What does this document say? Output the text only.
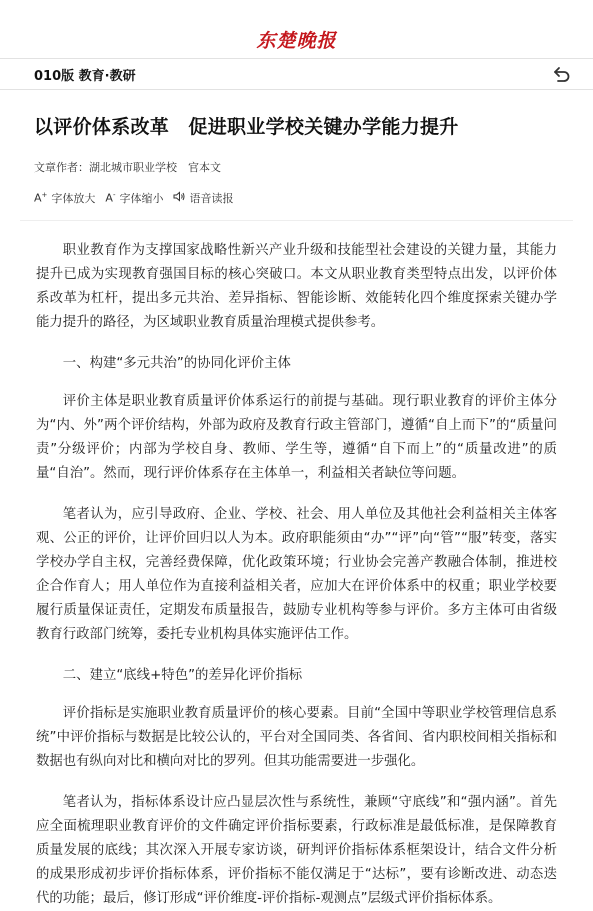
东楚晚报
010版 教育·教研
以评价体系改革　促进职业学校关键办学能力提升
文章作者：湖北城市职业学校　官本文
A+ 字体放大 A- 字体缩小 语音读报

职业教育作为支撑国家战略性新兴产业升级和技能型社会建设的关键力量，其能力提升已成为实现教育强国目标的核心突破口。本文从职业教育类型特点出发，以评价体系改革为杠杆，提出多元共治、差异指标、智能诊断、效能转化四个维度探索关键办学能力提升的路径，为区域职业教育质量治理模式提供参考。

一、构建“多元共治”的协同化评价主体

评价主体是职业教育质量评价体系运行的前提与基础。现行职业教育的评价主体分为“内、外”两个评价结构，外部为政府及教育行政主管部门，遵循“自上而下”的“质量问责”分级评价；内部为学校自身、教师、学生等，遵循“自下而上”的“质量改进”的质量“自治”。然而，现行评价体系存在主体单一，利益相关者缺位等问题。

笔者认为，应引导政府、企业、学校、社会、用人单位及其他社会利益相关主体客观、公正的评价，让评价回归以人为本。政府职能须由“办”“评”向“管”“服”转变，落实学校办学自主权，完善经费保障，优化政策环境；行业协会完善产教融合体制，推进校企合作育人；用人单位作为直接利益相关者，应加大在评价体系中的权重；职业学校要履行质量保证责任，定期发布质量报告，鼓励专业机构等参与评价。多方主体可由省级教育行政部门统筹，委托专业机构具体实施评估工作。

二、建立“底线+特色”的差异化评价指标

评价指标是实施职业教育质量评价的核心要素。目前“全国中等职业学校管理信息系统”中评价指标与数据是比较公认的，平台对全国同类、各省间、省内职校间相关指标和数据也有纵向对比和横向对比的罗列。但其功能需要进一步强化。

笔者认为，指标体系设计应凸显层次性与系统性，兼顾“守底线”和“强内涵”。首先应全面梳理职业教育评价的文件确定评价指标要素，行政标准是最低标准，是保障教育质量发展的底线；其次深入开展专家访谈，研判评价指标体系框架设计，结合文件分析的成果形成初步评价指标体系，评价指标不能仅满足于“达标”，要有诊断改进、动态迭代的功能；最后，修订形成“评价维度-评价指标-观测点”层级式评价指标体系。
